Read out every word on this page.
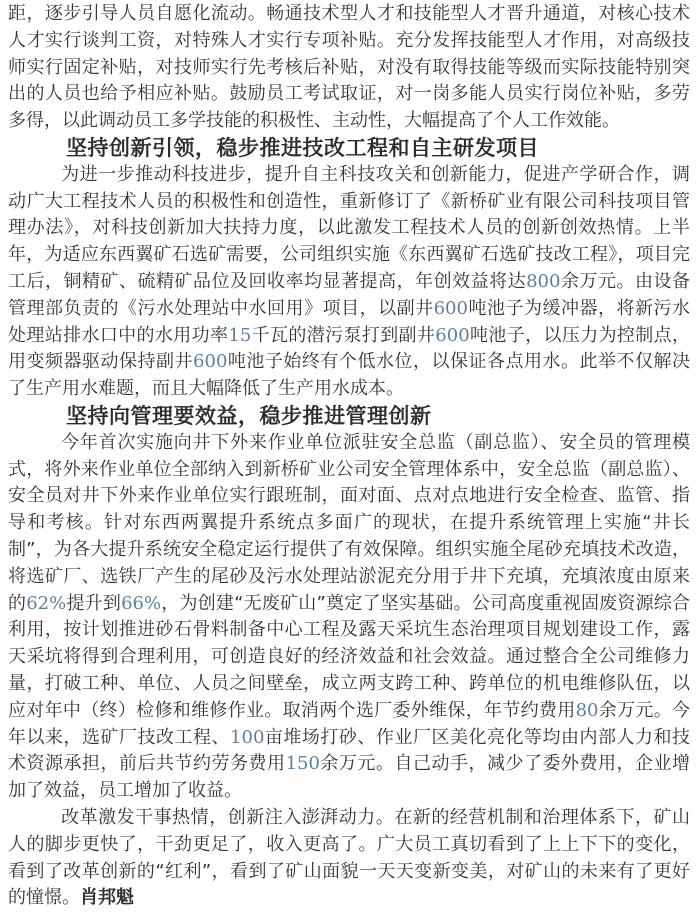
距，逐步引导人员自愿化流动。畅通技术型人才和技能型人才晋升通道，对核心技术人才实行谈判工资，对特殊人才实行专项补贴。充分发挥技能型人才作用，对高级技师实行固定补贴，对技师实行先考核后补贴，对没有取得技能等级而实际技能特别突出的人员也给予相应补贴。鼓励员工考试取证，对一岗多能人员实行岗位补贴，多劳多得，以此调动员工多学技能的积极性、主动性，大幅提高了个人工作效能。

坚持创新引领，稳步推进技改工程和自主研发项目

为进一步推动科技进步，提升自主科技攻关和创新能力，促进产学研合作，调动广大工程技术人员的积极性和创造性，重新修订了《新桥矿业有限公司科技项目管理办法》，对科技创新加大扶持力度，以此激发工程技术人员的创新创效热情。上半年，为适应东西翼矿石选矿需要，公司组织实施《东西翼矿石选矿技改工程》，项目完工后，铜精矿、硫精矿品位及回收率均显著提高，年创效益将达800余万元。由设备管理部负责的《污水处理站中水回用》项目，以副井600吨池子为缓冲器，将新污水处理站排水口中的水用功率15千瓦的潜污泵打到副井600吨池子，以压力为控制点，用变频器驱动保持副井600吨池子始终有个低水位，以保证各点用水。此举不仅解决了生产用水难题，而且大幅降低了生产用水成本。

坚持向管理要效益，稳步推进管理创新

今年首次实施向井下外来作业单位派驻安全总监（副总监）、安全员的管理模式，将外来作业单位全部纳入到新桥矿业公司安全管理体系中，安全总监（副总监）、安全员对井下外来作业单位实行跟班制，面对面、点对点地进行安全检查、监管、指导和考核。针对东西两翼提升系统点多面广的现状，在提升系统管理上实施“井长制”，为各大提升系统安全稳定运行提供了有效保障。组织实施全尾砂充填技术改造，将选矿厂、选铁厂产生的尾砂及污水处理站淤泥充分用于井下充填，充填浓度由原来的62%提升到66%，为创建“无废矿山”奠定了坚实基础。公司高度重视固废资源综合利用，按计划推进砂石骨料制备中心工程及露天采坑生态治理项目规划建设工作，露天采坑将得到合理利用，可创造良好的经济效益和社会效益。通过整合全公司维修力量，打破工种、单位、人员之间壁垒，成立两支跨工种、跨单位的机电维修队伍，以应对年中（终）检修和维修作业。取消两个选厂委外维保，年节约费用80余万元。今年以来，选矿厂技改工程、100亩堆场打砂、作业厂区美化亮化等均由内部人力和技术资源承担，前后共节约劳务费用150余万元。自己动手，减少了委外费用，企业增加了效益，员工增加了收益。

改革激发干事热情，创新注入澎湃动力。在新的经营机制和治理体系下，矿山人的脚步更快了，干劲更足了，收入更高了。广大员工真切看到了上上下下的变化，看到了改革创新的“红利”，看到了矿山面貌一天天变新变美，对矿山的未来有了更好的憧憬。肖邦魁
